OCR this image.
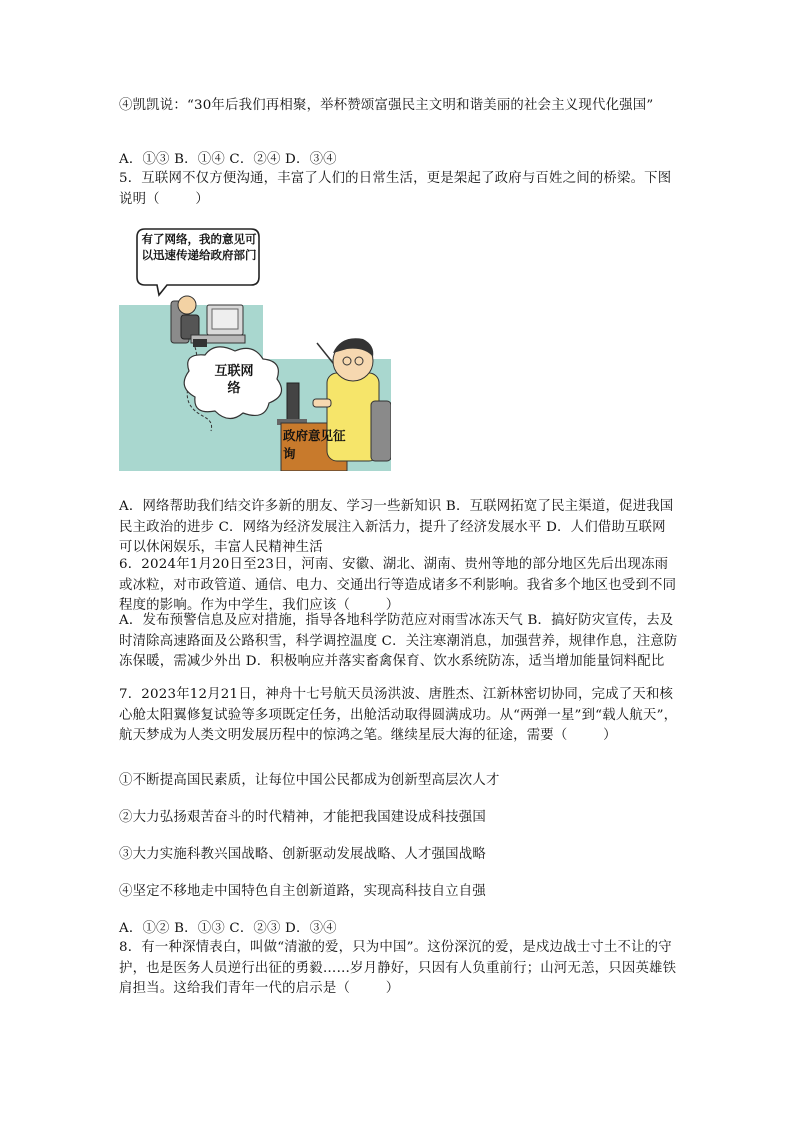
④凯凯说：“30年后我们再相聚，举杯赞颂富强民主文明和谐美丽的社会主义现代化强国”
A．①③ B．①④ C．②④ D．③④
5．互联网不仅方便沟通，丰富了人们的日常生活，更是架起了政府与百姓之间的桥梁。下图说明（        ）
有了网络，我的意见可以迅速传递给政府部门
互联网络
政府意见征询
A．网络帮助我们结交许多新的朋友、学习一些新知识 B．互联网拓宽了民主渠道，促进我国民主政治的进步 C．网络为经济发展注入新活力，提升了经济发展水平 D．人们借助互联网可以休闲娱乐，丰富人民精神生活
6．2024年1月20日至23日，河南、安徽、湖北、湖南、贵州等地的部分地区先后出现冻雨或冰粒，对市政管道、通信、电力、交通出行等造成诸多不利影响。我省多个地区也受到不同程度的影响。作为中学生，我们应该（        ）
A．发布预警信息及应对措施，指导各地科学防范应对雨雪冰冻天气 B．搞好防灾宣传，去及时清除高速路面及公路积雪，科学调控温度 C．关注寒潮消息，加强营养，规律作息，注意防冻保暖，需减少外出 D．积极响应并落实畜禽保育、饮水系统防冻，适当增加能量饲料配比
7．2023年12月21日，神舟十七号航天员汤洪波、唐胜杰、江新林密切协同，完成了天和核心舱太阳翼修复试验等多项既定任务，出舱活动取得圆满成功。从“两弹一星”到“载人航天”，航天梦成为人类文明发展历程中的惊鸿之笔。继续星辰大海的征途，需要（        ）
①不断提高国民素质，让每位中国公民都成为创新型高层次人才
②大力弘扬艰苦奋斗的时代精神，才能把我国建设成科技强国
③大力实施科教兴国战略、创新驱动发展战略、人才强国战略
④坚定不移地走中国特色自主创新道路，实现高科技自立自强
A．①② B．①③ C．②③ D．③④
8．有一种深情表白，叫做“清澈的爱，只为中国”。这份深沉的爱，是戍边战士寸土不让的守护，也是医务人员逆行出征的勇毅……岁月静好，只因有人负重前行；山河无恙，只因英雄铁肩担当。这给我们青年一代的启示是（        ）
